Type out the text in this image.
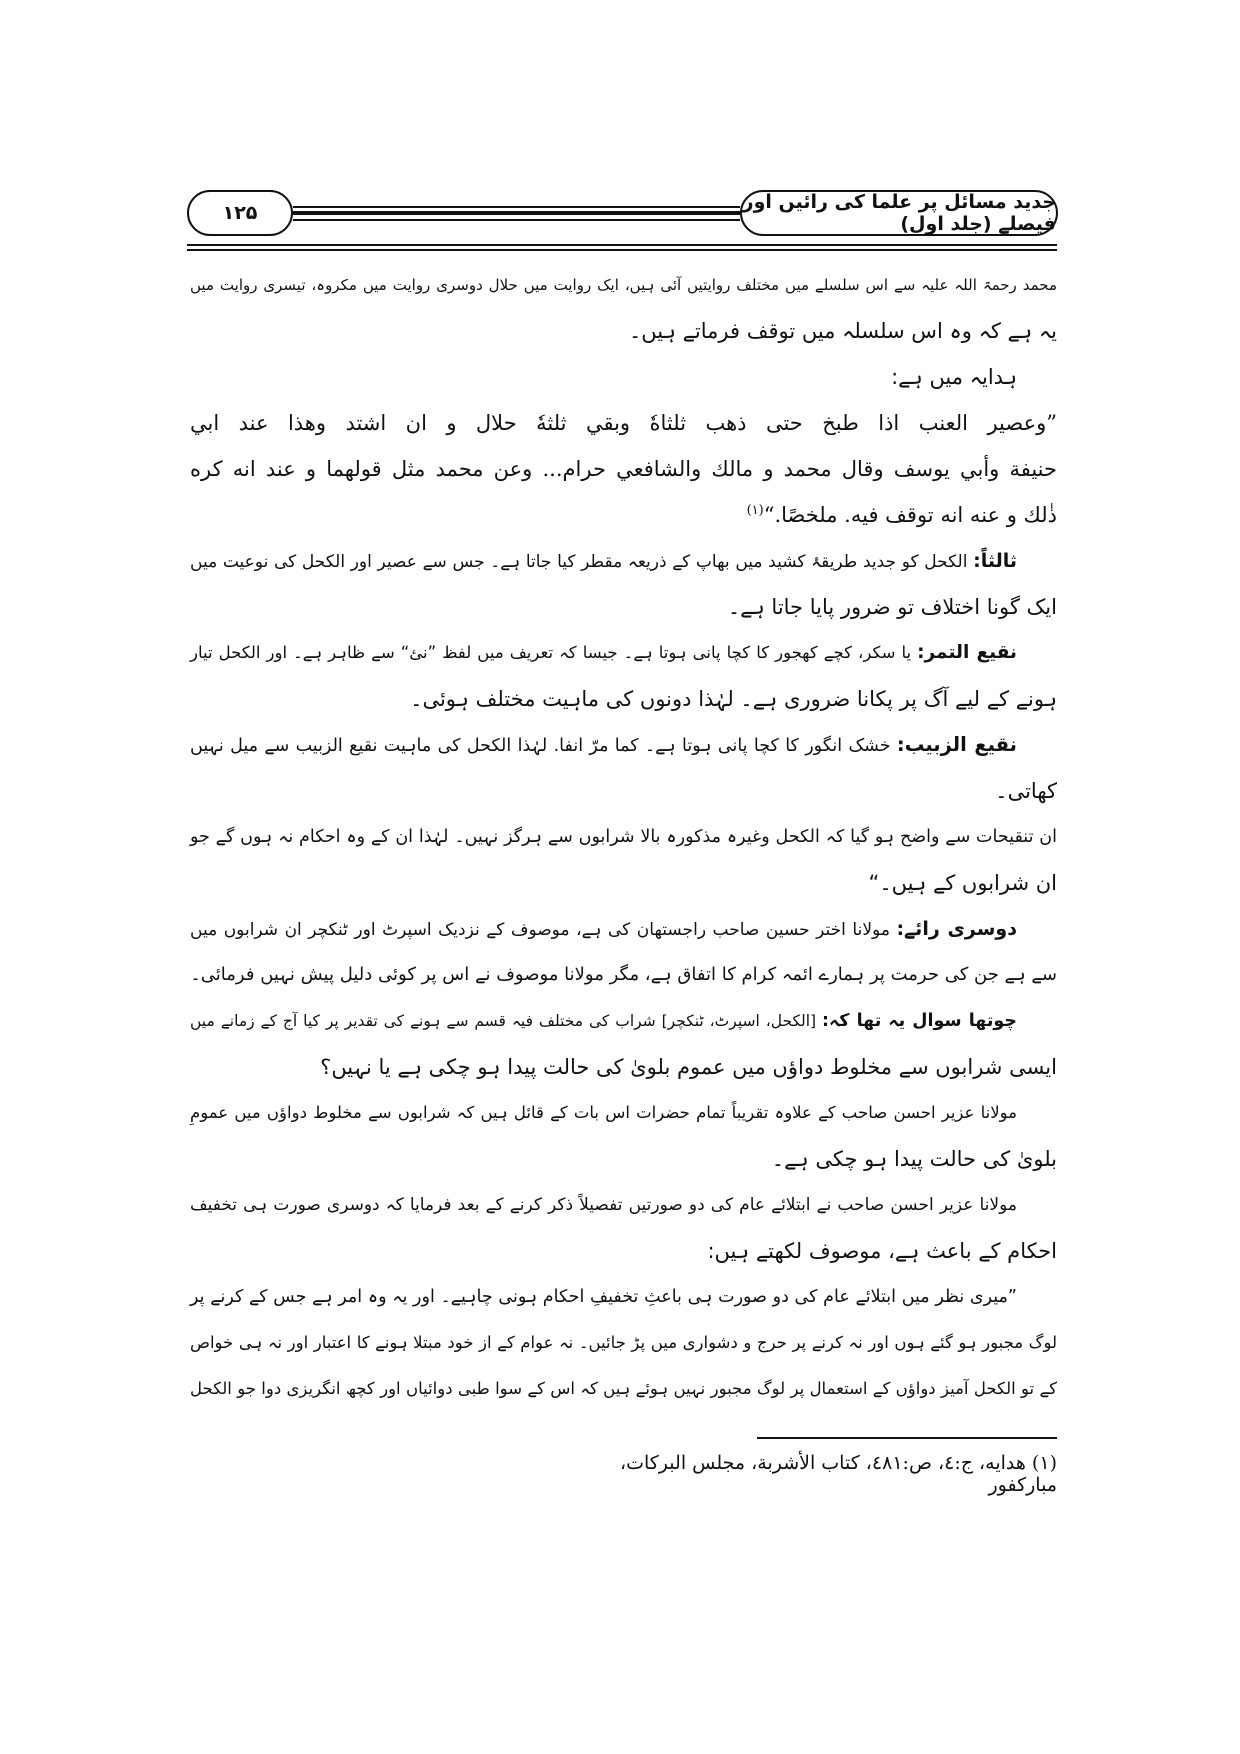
جدید مسائل پر علما کی رائیں اور فیصلے (جلد اول)
۱۲۵
محمد رحمۃ اللہ علیہ سے اس سلسلے میں مختلف روایتیں آئی ہیں، ایک روایت میں حلال دوسری روایت میں مکروہ، تیسری روایت میں
یہ ہے کہ وہ اس سلسلہ میں توقف فرماتے ہیں۔
ہدایہ میں ہے:
”وعصير العنب اذا طبخ حتى ذهب ثلثاهٗ وبقي ثلثهٗ حلال و ان اشتد وهذا عند ابي
حنيفة وأبي يوسف وقال محمد و مالك والشافعي حرام... وعن محمد مثل قولهما و عند انه كره
ذٰلك و عنه انه توقف فيه. ملخصًا.“$^{(۱)}$
ثالثاً: الکحل کو جدید طریقۂ کشید میں بھاپ کے ذریعہ مقطر کیا جاتا ہے۔ جس سے عصیر اور الکحل کی نوعیت میں
ایک گونا اختلاف تو ضرور پایا جاتا ہے۔
نقيع التمر: یا سکر، کچے کھجور کا کچا پانی ہوتا ہے۔ جیسا کہ تعریف میں لفظ ”نئ“ سے ظاہر ہے۔ اور الکحل تیار
ہونے کے لیے آگ پر پکانا ضروری ہے۔ لہٰذا دونوں کی ماہیت مختلف ہوئی۔
نقيع الزبيب: خشک انگور کا کچا پانی ہوتا ہے۔ کما مرّ انفا. لہٰذا الکحل کی ماہیت نقیع الزبیب سے میل نہیں
کھاتی۔
ان تنقیحات سے واضح ہو گیا کہ الکحل وغیرہ مذکورہ بالا شرابوں سے ہرگز نہیں۔ لہٰذا ان کے وہ احکام نہ ہوں گے جو
ان شرابوں کے ہیں۔“
دوسری رائے: مولانا اختر حسین صاحب راجستھان کی ہے، موصوف کے نزدیک اسپرٹ اور ٹنکچر ان شرابوں میں
سے ہے جن کی حرمت پر ہمارے ائمہ کرام کا اتفاق ہے، مگر مولانا موصوف نے اس پر کوئی دلیل پیش نہیں فرمائی۔
چوتھا سوال یہ تھا کہ: [الکحل، اسپرٹ، ٹنکچر] شراب کی مختلف فیہ قسم سے ہونے کی تقدیر پر کیا آج کے زمانے میں
ایسی شرابوں سے مخلوط دواؤں میں عموم بلویٰ کی حالت پیدا ہو چکی ہے یا نہیں؟
مولانا عزیر احسن صاحب کے علاوہ تقریباً تمام حضرات اس بات کے قائل ہیں کہ شرابوں سے مخلوط دواؤں میں عمومِ
بلویٰ کی حالت پیدا ہو چکی ہے۔
مولانا عزیر احسن صاحب نے ابتلائے عام کی دو صورتیں تفصیلاً ذکر کرنے کے بعد فرمایا کہ دوسری صورت ہی تخفیف
احکام کے باعث ہے، موصوف لکھتے ہیں:
”میری نظر میں ابتلائے عام کی دو صورت ہی باعثِ تخفیفِ احکام ہونی چاہیے۔ اور یہ وہ امر ہے جس کے کرنے پر
لوگ مجبور ہو گئے ہوں اور نہ کرنے پر حرج و دشواری میں پڑ جائیں۔ نہ عوام کے از خود مبتلا ہونے کا اعتبار اور نہ ہی خواص
کے تو الکحل آمیز دواؤں کے استعمال پر لوگ مجبور نہیں ہوئے ہیں کہ اس کے سوا طبی دوائیاں اور کچھ انگریزی دوا جو الکحل
(۱) هدايه، ج:٤، ص:٤٨١، كتاب الأشربة، مجلس البركات، مباركفور
